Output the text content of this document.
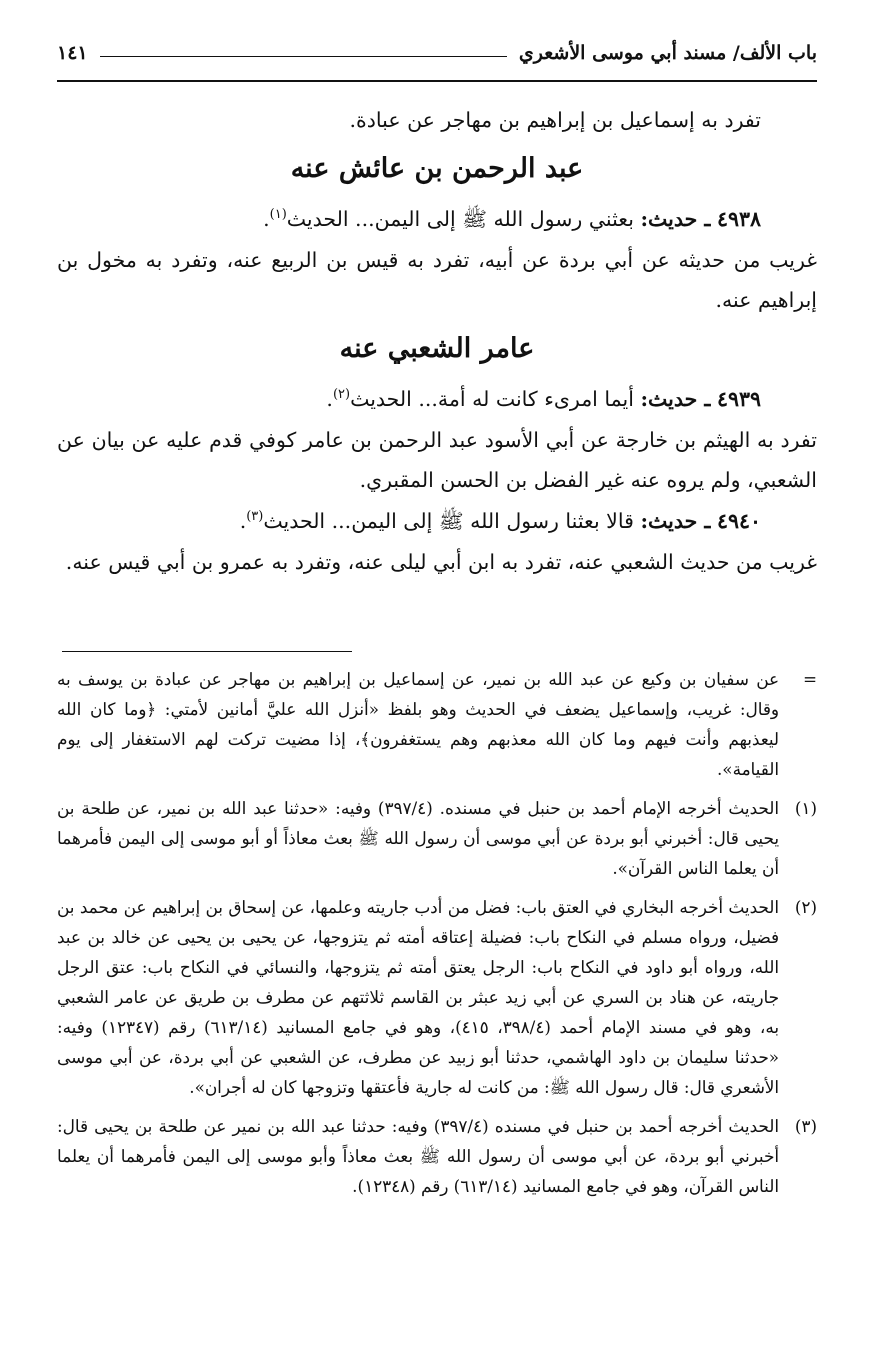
باب الألف/ مسند أبي موسى الأشعري
١٤١

تفرد به إسماعيل بن إبراهيم بن مهاجر عن عبادة.

عبد الرحمن بن عائش عنه

٤٩٣٨ ـ حديث: بعثني رسول الله ﷺ إلى اليمن... الحديث$^{(١)}$.

غريب من حديثه عن أبي بردة عن أبيه، تفرد به قيس بن الربيع عنه، وتفرد به مخول بن إبراهيم عنه.

عامر الشعبي عنه

٤٩٣٩ ـ حديث: أيما امرىء كانت له أمة... الحديث$^{(٢)}$.

تفرد به الهيثم بن خارجة عن أبي الأسود عبد الرحمن بن عامر كوفي قدم عليه عن بيان عن الشعبي، ولم يروه عنه غير الفضل بن الحسن المقبري.

٤٩٤٠ ـ حديث: قالا بعثنا رسول الله ﷺ إلى اليمن... الحديث$^{(٣)}$.

غريب من حديث الشعبي عنه، تفرد به ابن أبي ليلى عنه، وتفرد به عمرو بن أبي قيس عنه.

=
عن سفيان بن وكيع عن عبد الله بن نمير، عن إسماعيل بن إبراهيم بن مهاجر عن عبادة بن يوسف به وقال: غريب، وإسماعيل يضعف في الحديث وهو بلفظ «أنزل الله عليَّ أمانين لأمتي: ﴿وما كان الله ليعذبهم وأنت فيهم وما كان الله معذبهم وهم يستغفرون﴾، إذا مضيت تركت لهم الاستغفار إلى يوم القيامة».
(١)
الحديث أخرجه الإمام أحمد بن حنبل في مسنده. (٣٩٧/٤) وفيه: «حدثنا عبد الله بن نمير، عن طلحة بن يحيى قال: أخبرني أبو بردة عن أبي موسى أن رسول الله ﷺ بعث معاذاً أو أبو موسى إلى اليمن فأمرهما أن يعلما الناس القرآن».
(٢)
الحديث أخرجه البخاري في العتق باب: فضل من أدب جاريته وعلمها، عن إسحاق بن إبراهيم عن محمد بن فضيل، ورواه مسلم في النكاح باب: فضيلة إعتاقه أمته ثم يتزوجها، عن يحيى بن يحيى عن خالد بن عبد الله، ورواه أبو داود في النكاح باب: الرجل يعتق أمته ثم يتزوجها، والنسائي في النكاح باب: عتق الرجل جاريته، عن هناد بن السري عن أبي زيد عبثر بن القاسم ثلاثتهم عن مطرف بن طريق عن عامر الشعبي به، وهو في مسند الإمام أحمد (٣٩٨/٤، ٤١٥)، وهو في جامع المسانيد (٦١٣/١٤) رقم (١٢٣٤٧) وفيه: «حدثنا سليمان بن داود الهاشمي، حدثنا أبو زبيد عن مطرف، عن الشعبي عن أبي بردة، عن أبي موسى الأشعري قال: قال رسول الله ﷺ: من كانت له جارية فأعتقها وتزوجها كان له أجران».
(٣)
الحديث أخرجه أحمد بن حنبل في مسنده (٣٩٧/٤) وفيه: حدثنا عبد الله بن نمير عن طلحة بن يحيى قال: أخبرني أبو بردة، عن أبي موسى أن رسول الله ﷺ بعث معاذاً وأبو موسى إلى اليمن فأمرهما أن يعلما الناس القرآن، وهو في جامع المسانيد (٦١٣/١٤) رقم (١٢٣٤٨).
